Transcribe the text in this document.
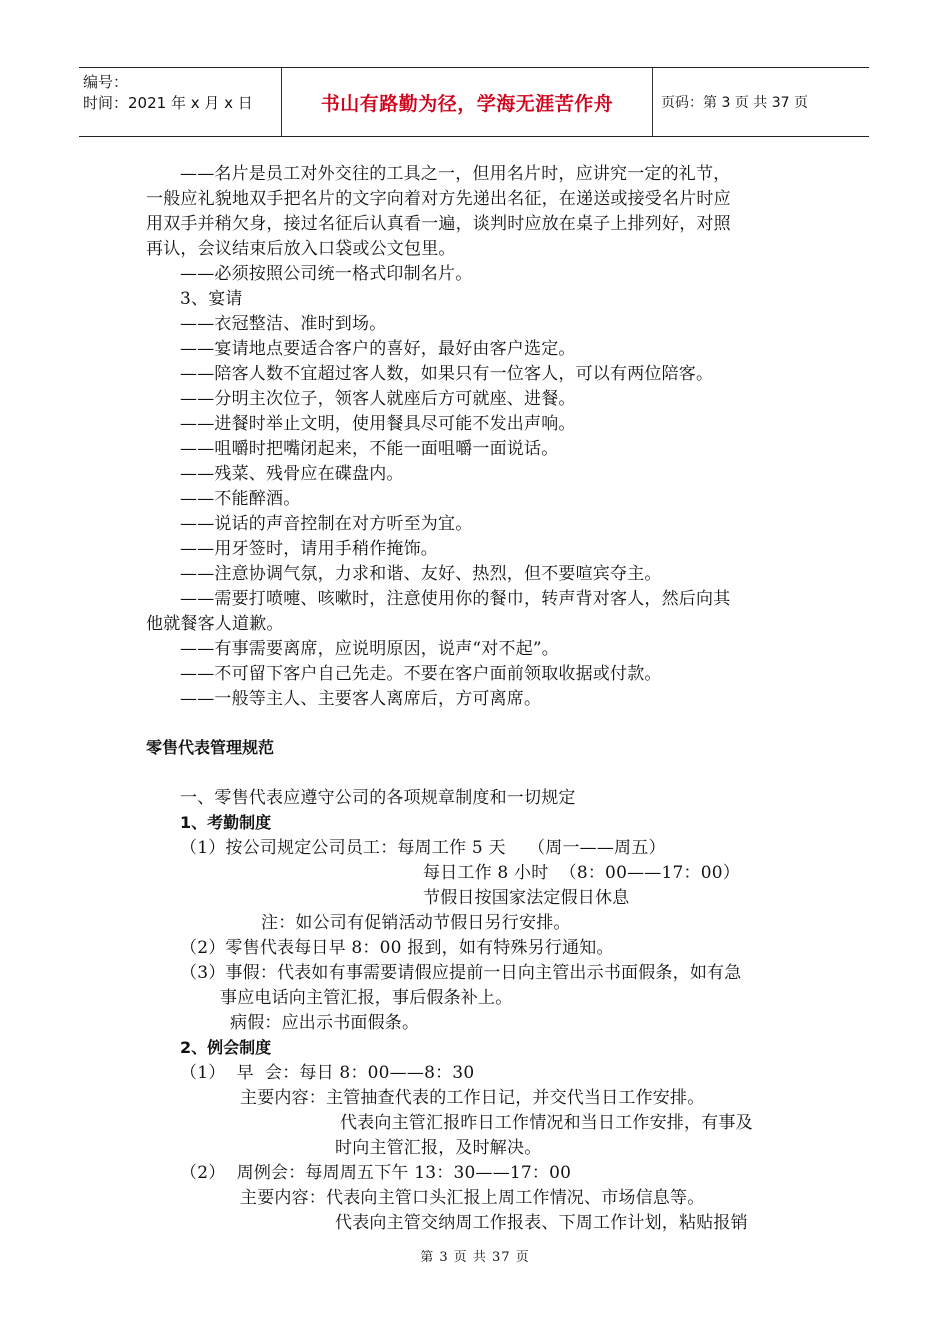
编号：
时间：2021 年 x 月 x 日	书山有路勤为径，学海无涯苦作舟	页码：第 3 页 共 37 页
——名片是员工对外交往的工具之一，但用名片时，应讲究一定的礼节，
一般应礼貌地双手把名片的文字向着对方先递出名征，在递送或接受名片时应
用双手并稍欠身，接过名征后认真看一遍，谈判时应放在桌子上排列好，对照
再认，会议结束后放入口袋或公文包里。
——必须按照公司统一格式印制名片。
3、宴请
——衣冠整洁、准时到场。
——宴请地点要适合客户的喜好，最好由客户选定。
——陪客人数不宜超过客人数，如果只有一位客人，可以有两位陪客。
——分明主次位子，领客人就座后方可就座、进餐。
——进餐时举止文明，使用餐具尽可能不发出声响。
——咀嚼时把嘴闭起来，不能一面咀嚼一面说话。
——残菜、残骨应在碟盘内。
——不能醉酒。
——说话的声音控制在对方听至为宜。
——用牙签时，请用手稍作掩饰。
——注意协调气氛，力求和谐、友好、热烈，但不要喧宾夺主。
——需要打喷嚏、咳嗽时，注意使用你的餐巾，转声背对客人，然后向其
他就餐客人道歉。
——有事需要离席，应说明原因，说声“对不起”。
——不可留下客户自己先走。不要在客户面前领取收据或付款。
——一般等主人、主要客人离席后，方可离席。
零售代表管理规范
一、零售代表应遵守公司的各项规章制度和一切规定
1、考勤制度
（1）按公司规定公司员工：每周工作 5 天    （周一——周五）
每日工作 8 小时  （8：00——17：00）
节假日按国家法定假日休息
注：如公司有促销活动节假日另行安排。
（2）零售代表每日早 8：00 报到，如有特殊另行通知。
（3）事假：代表如有事需要请假应提前一日向主管出示书面假条，如有急
事应电话向主管汇报，事后假条补上。
病假：应出示书面假条。
2、例会制度
（1）  早  会：每日 8：00——8：30
主要内容：主管抽查代表的工作日记，并交代当日工作安排。
代表向主管汇报昨日工作情况和当日工作安排，有事及
时向主管汇报，及时解决。
（2）  周例会：每周周五下午 13：30——17：00
主要内容：代表向主管口头汇报上周工作情况、市场信息等。
代表向主管交纳周工作报表、下周工作计划，粘贴报销
第 3 页 共 37 页
